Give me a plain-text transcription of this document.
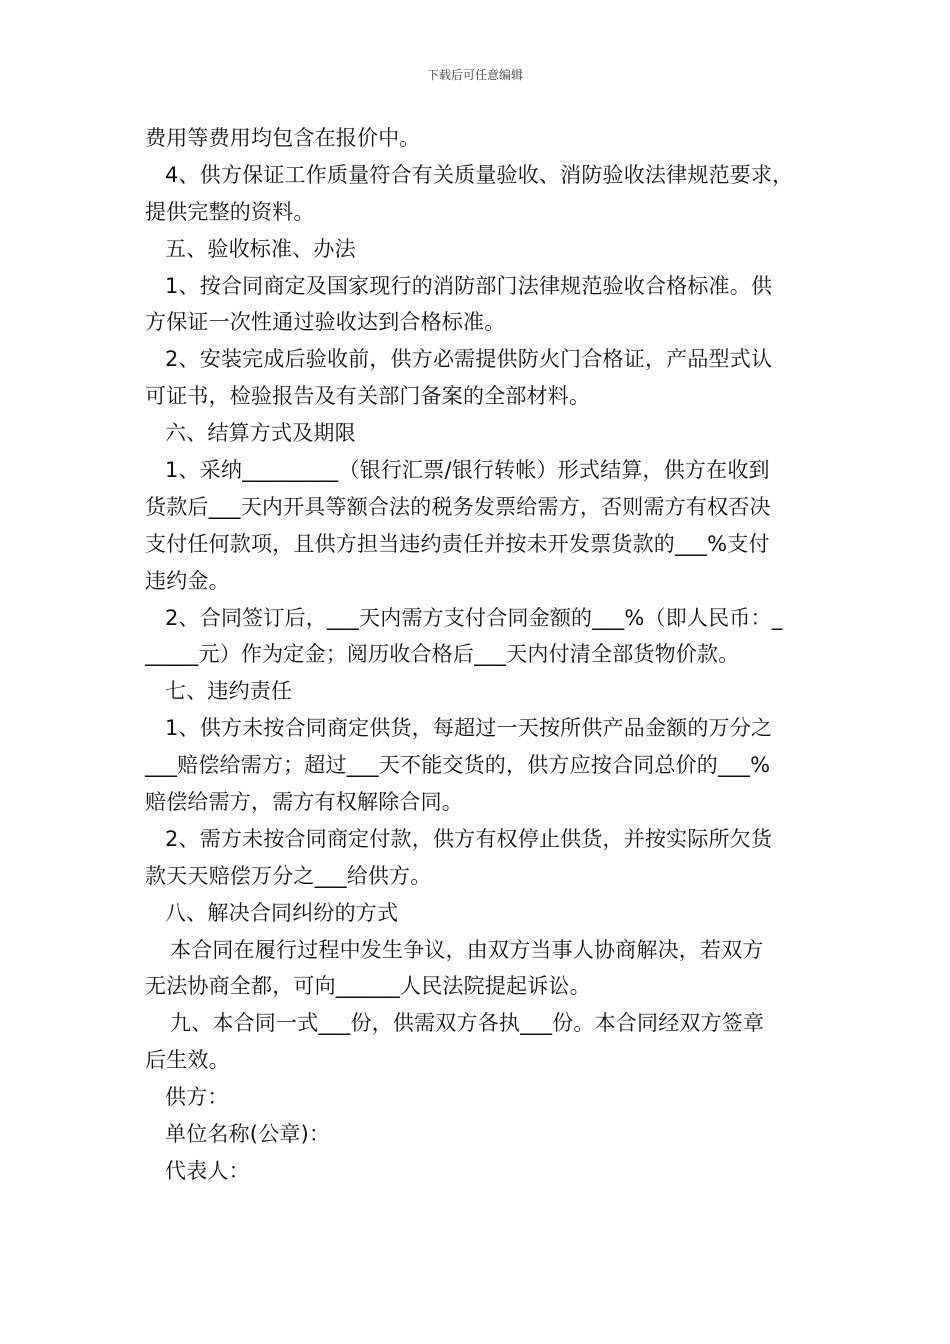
下载后可任意编辑
费用等费用均包含在报价中。
4、供方保证工作质量符合有关质量验收、消防验收法律规范要求，
提供完整的资料。
五、验收标准、办法
1、按合同商定及国家现行的消防部门法律规范验收合格标准。供
方保证一次性通过验收达到合格标准。
2、安装完成后验收前，供方必需提供防火门合格证，产品型式认
可证书，检验报告及有关部门备案的全部材料。
六、结算方式及期限
1、采纳_________（银行汇票/银行转帐）形式结算，供方在收到
货款后___天内开具等额合法的税务发票给需方，否则需方有权否决
支付任何款项，且供方担当违约责任并按未开发票货款的___%支付
违约金。
2、合同签订后，___天内需方支付合同金额的___%（即人民币：_
_____元）作为定金；阅历收合格后___天内付清全部货物价款。
七、违约责任
1、供方未按合同商定供货，每超过一天按所供产品金额的万分之
___赔偿给需方；超过___天不能交货的，供方应按合同总价的___%
赔偿给需方，需方有权解除合同。
2、需方未按合同商定付款，供方有权停止供货，并按实际所欠货
款天天赔偿万分之___给供方。
八、解决合同纠纷的方式
本合同在履行过程中发生争议，由双方当事人协商解决，若双方
无法协商全都，可向______人民法院提起诉讼。
九、本合同一式___份，供需双方各执___份。本合同经双方签章
后生效。
供方：
单位名称(公章)：
代表人：
